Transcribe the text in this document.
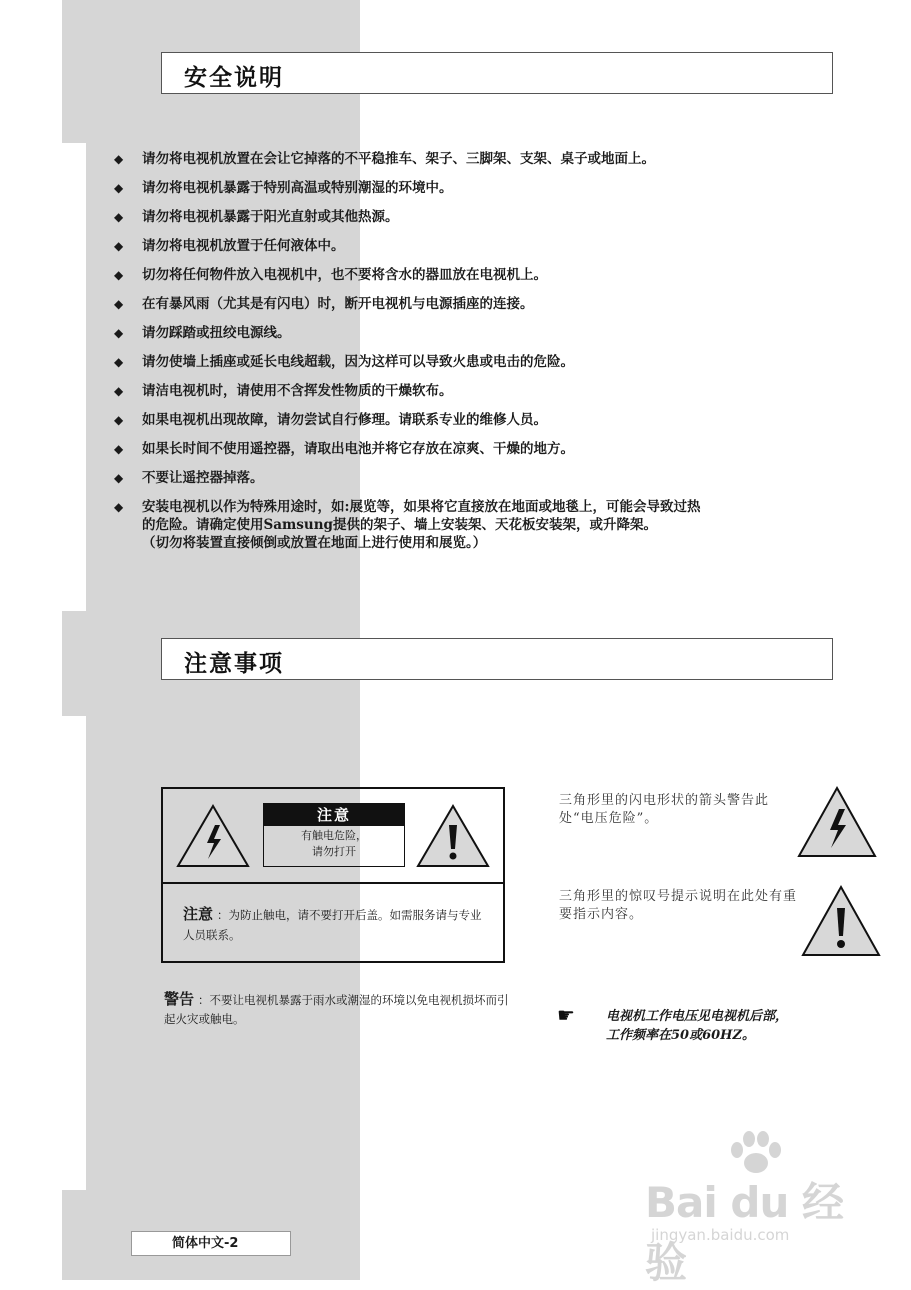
安全说明
◆ 请勿将电视机放置在会让它掉落的不平稳推车、架子、三脚架、支架、桌子或地面上。
◆ 请勿将电视机暴露于特别高温或特别潮湿的环境中。
◆ 请勿将电视机暴露于阳光直射或其他热源。
◆ 请勿将电视机放置于任何液体中。
◆ 切勿将任何物件放入电视机中，也不要将含水的器皿放在电视机上。
◆ 在有暴风雨（尤其是有闪电）时，断开电视机与电源插座的连接。
◆ 请勿踩踏或扭绞电源线。
◆ 请勿使墙上插座或延长电线超载，因为这样可以导致火患或电击的危险。
◆ 请洁电视机时，请使用不含挥发性物质的干燥软布。
◆ 如果电视机出现故障，请勿尝试自行修理。请联系专业的维修人员。
◆ 如果长时间不使用遥控器，请取出电池并将它存放在凉爽、干燥的地方。
◆ 不要让遥控器掉落。
◆ 安装电视机以作为特殊用途时，如:展览等，如果将它直接放在地面或地毯上，可能会导致过热
的危险。请确定使用Samsung提供的架子、墙上安装架、天花板安装架，或升降架。
（切勿将装置直接倾倒或放置在地面上进行使用和展览。）
注意事项
注意
有触电危险，
请勿打开
注意 ：为防止触电，请不要打开后盖。如需服务请与专业人员联系。
警告 ：不要让电视机暴露于雨水或潮湿的环境以免电视机损坏而引起火灾或触电。
三角形里的闪电形状的箭头警告此处“电压危险”。
三角形里的惊叹号提示说明在此处有重要指示内容。
☛ 电视机工作电压见电视机后部，
工作频率在50或60HZ。
简体中文-2
Bai du 经验
jingyan.baidu.com
